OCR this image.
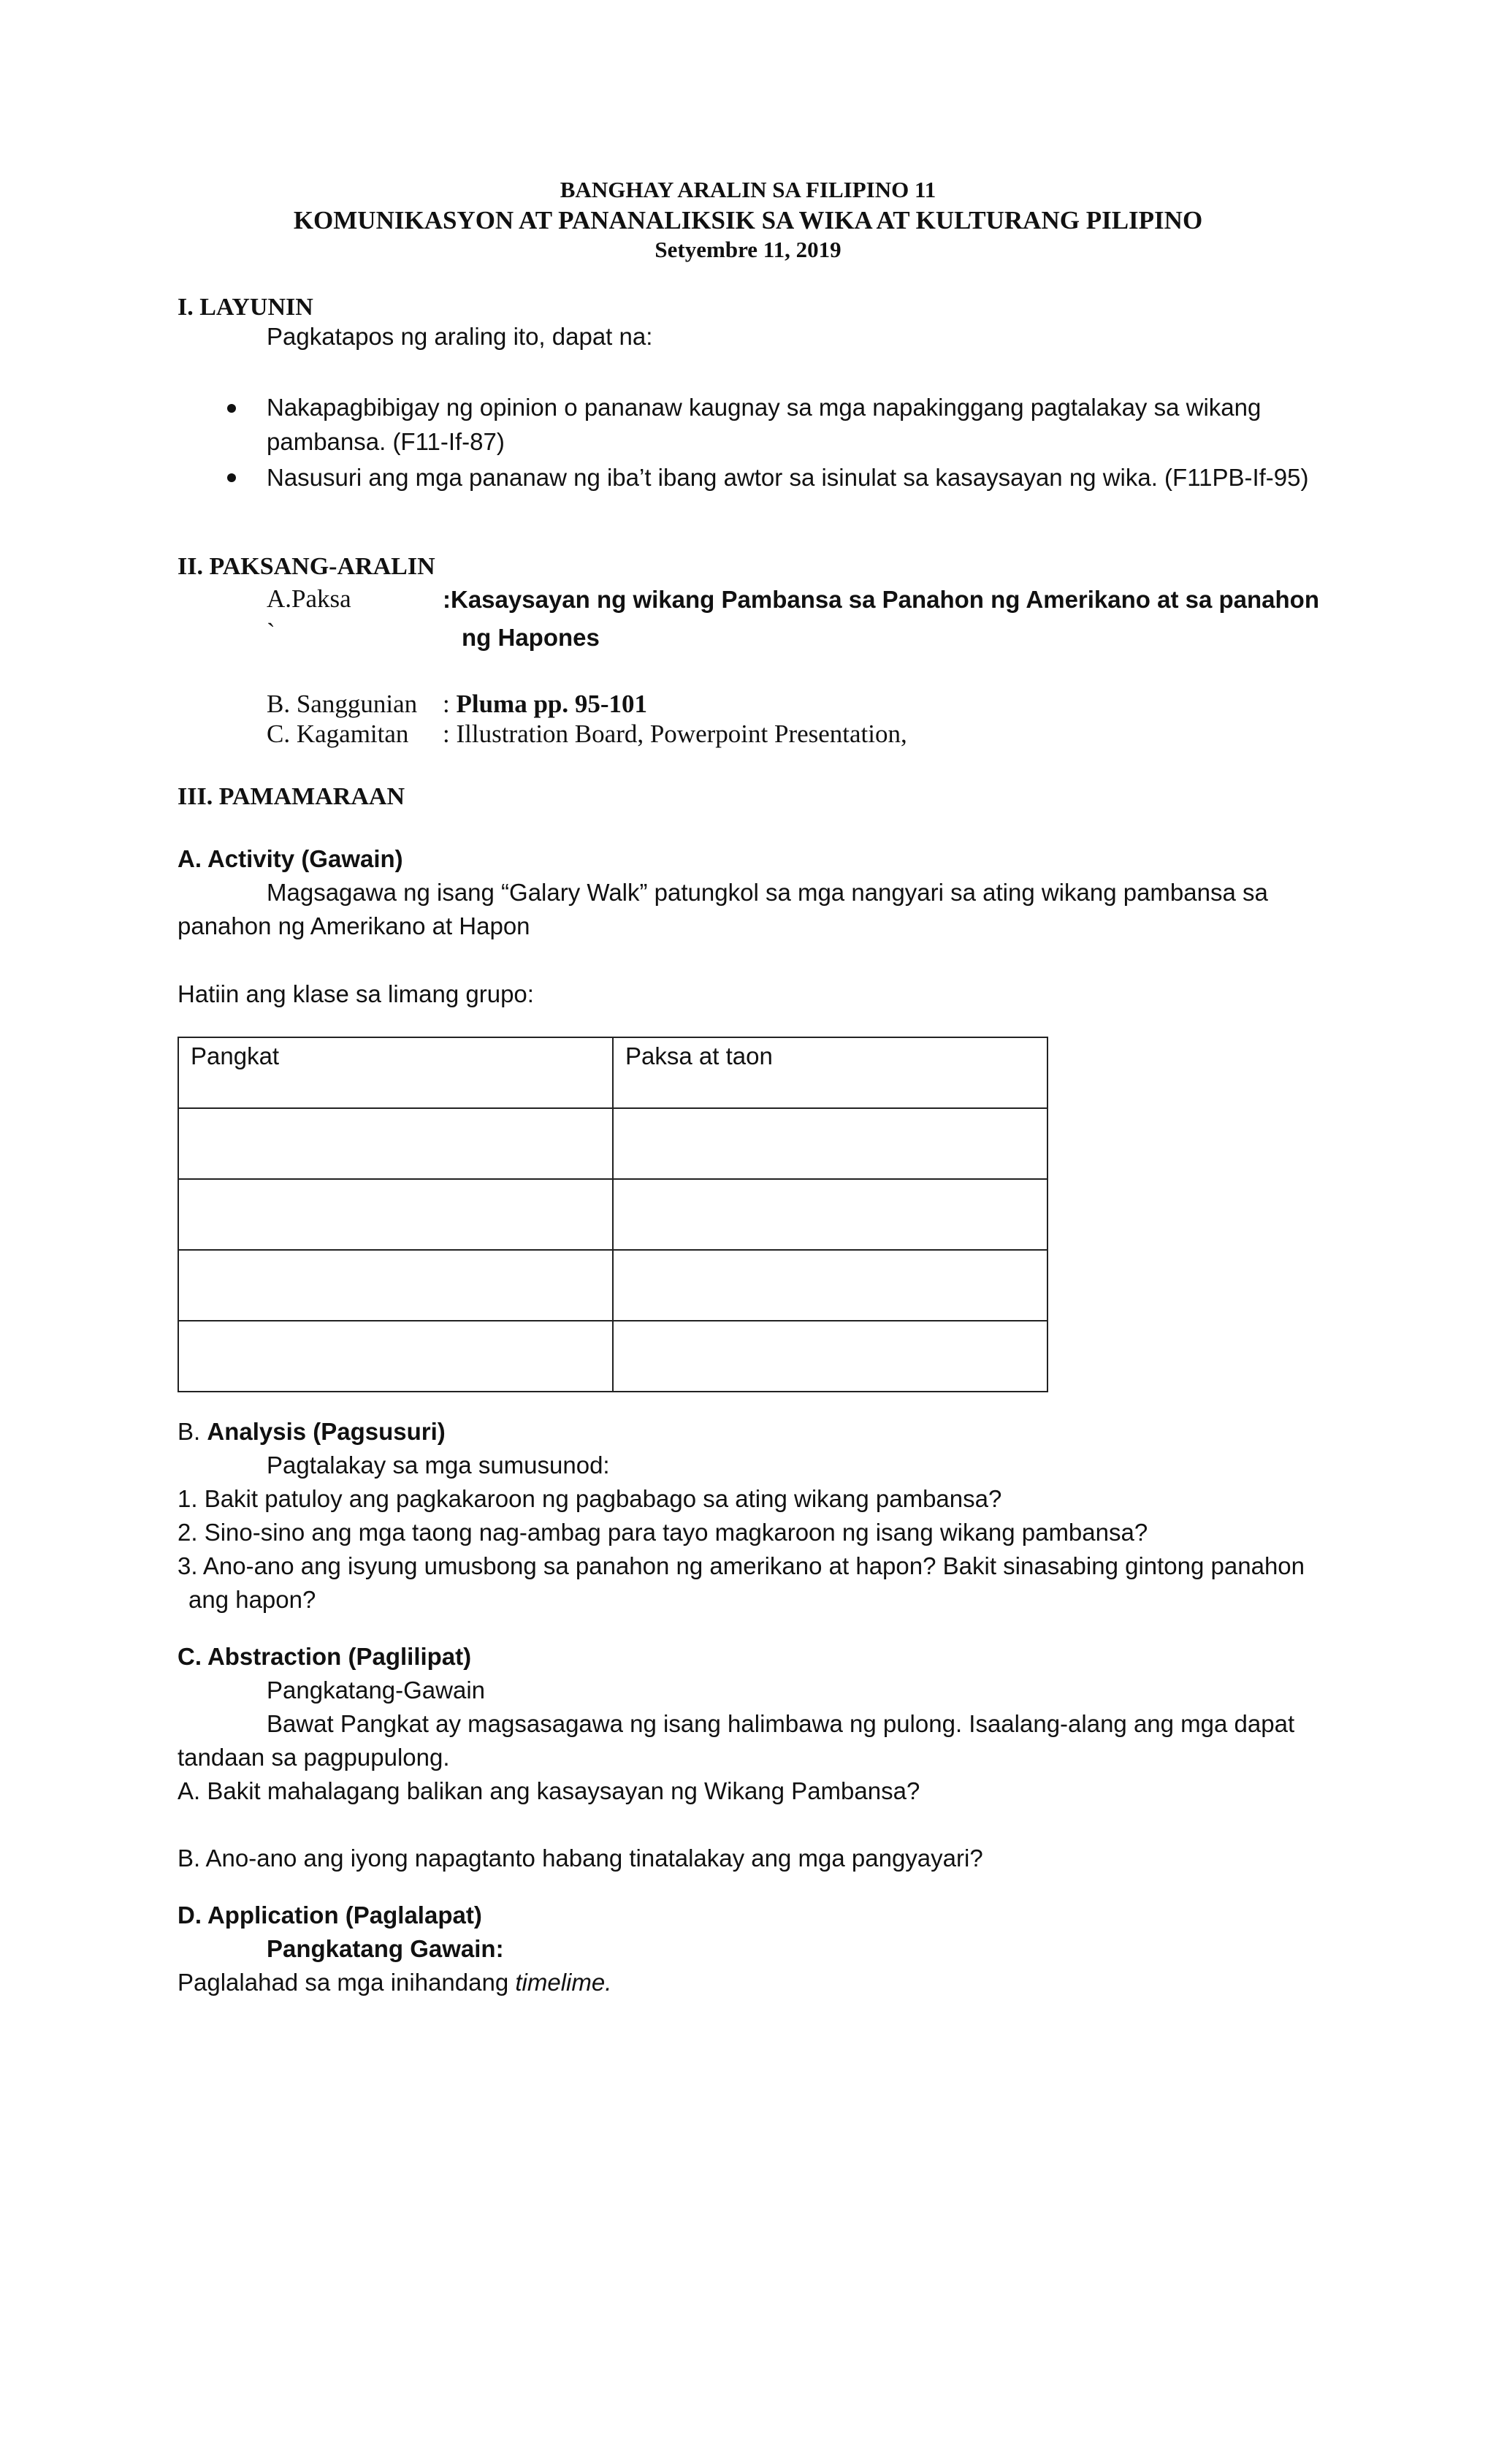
BANGHAY ARALIN SA FILIPINO 11
KOMUNIKASYON AT PANANALIKSIK SA WIKA AT KULTURANG PILIPINO
Setyembre 11, 2019
I. LAYUNIN
Pagkatapos ng araling ito, dapat na:
Nakapagbibigay ng opinion o pananaw kaugnay sa mga napakinggang pagtalakay sa wikang
pambansa. (F11-If-87)
Nasusuri ang mga pananaw ng iba’t ibang awtor sa isinulat sa kasaysayan ng wika. (F11PB-If-95)
II. PAKSANG-ARALIN
A.Paksa	:Kasaysayan ng wikang Pambansa sa Panahon ng Amerikano at sa panahon
`	ng Hapones
B. Sanggunian : Pluma pp. 95-101
C. Kagamitan : Illustration Board, Powerpoint Presentation,
III. PAMAMARAAN
A. Activity (Gawain)
Magsagawa ng isang “Galary Walk” patungkol sa mga nangyari sa ating wikang pambansa sa
panahon ng Amerikano at Hapon
Hatiin ang klase sa limang grupo:
Pangkat	Paksa at taon

B. Analysis (Pagsusuri)
Pagtalakay sa mga sumusunod:
1. Bakit patuloy ang pagkakaroon ng pagbabago sa ating wikang pambansa?
2. Sino-sino ang mga taong nag-ambag para tayo magkaroon ng isang wikang pambansa?
3. Ano-ano ang isyung umusbong sa panahon ng amerikano at hapon? Bakit sinasabing gintong panahon
ang hapon?
C. Abstraction (Paglilipat)
Pangkatang-Gawain
Bawat Pangkat ay magsasagawa ng isang halimbawa ng pulong. Isaalang-alang ang mga dapat
tandaan sa pagpupulong.
A. Bakit mahalagang balikan ang kasaysayan ng Wikang Pambansa?
B. Ano-ano ang iyong napagtanto habang tinatalakay ang mga pangyayari?
D. Application (Paglalapat)
Pangkatang Gawain:
Paglalahad sa mga inihandang timelime.
